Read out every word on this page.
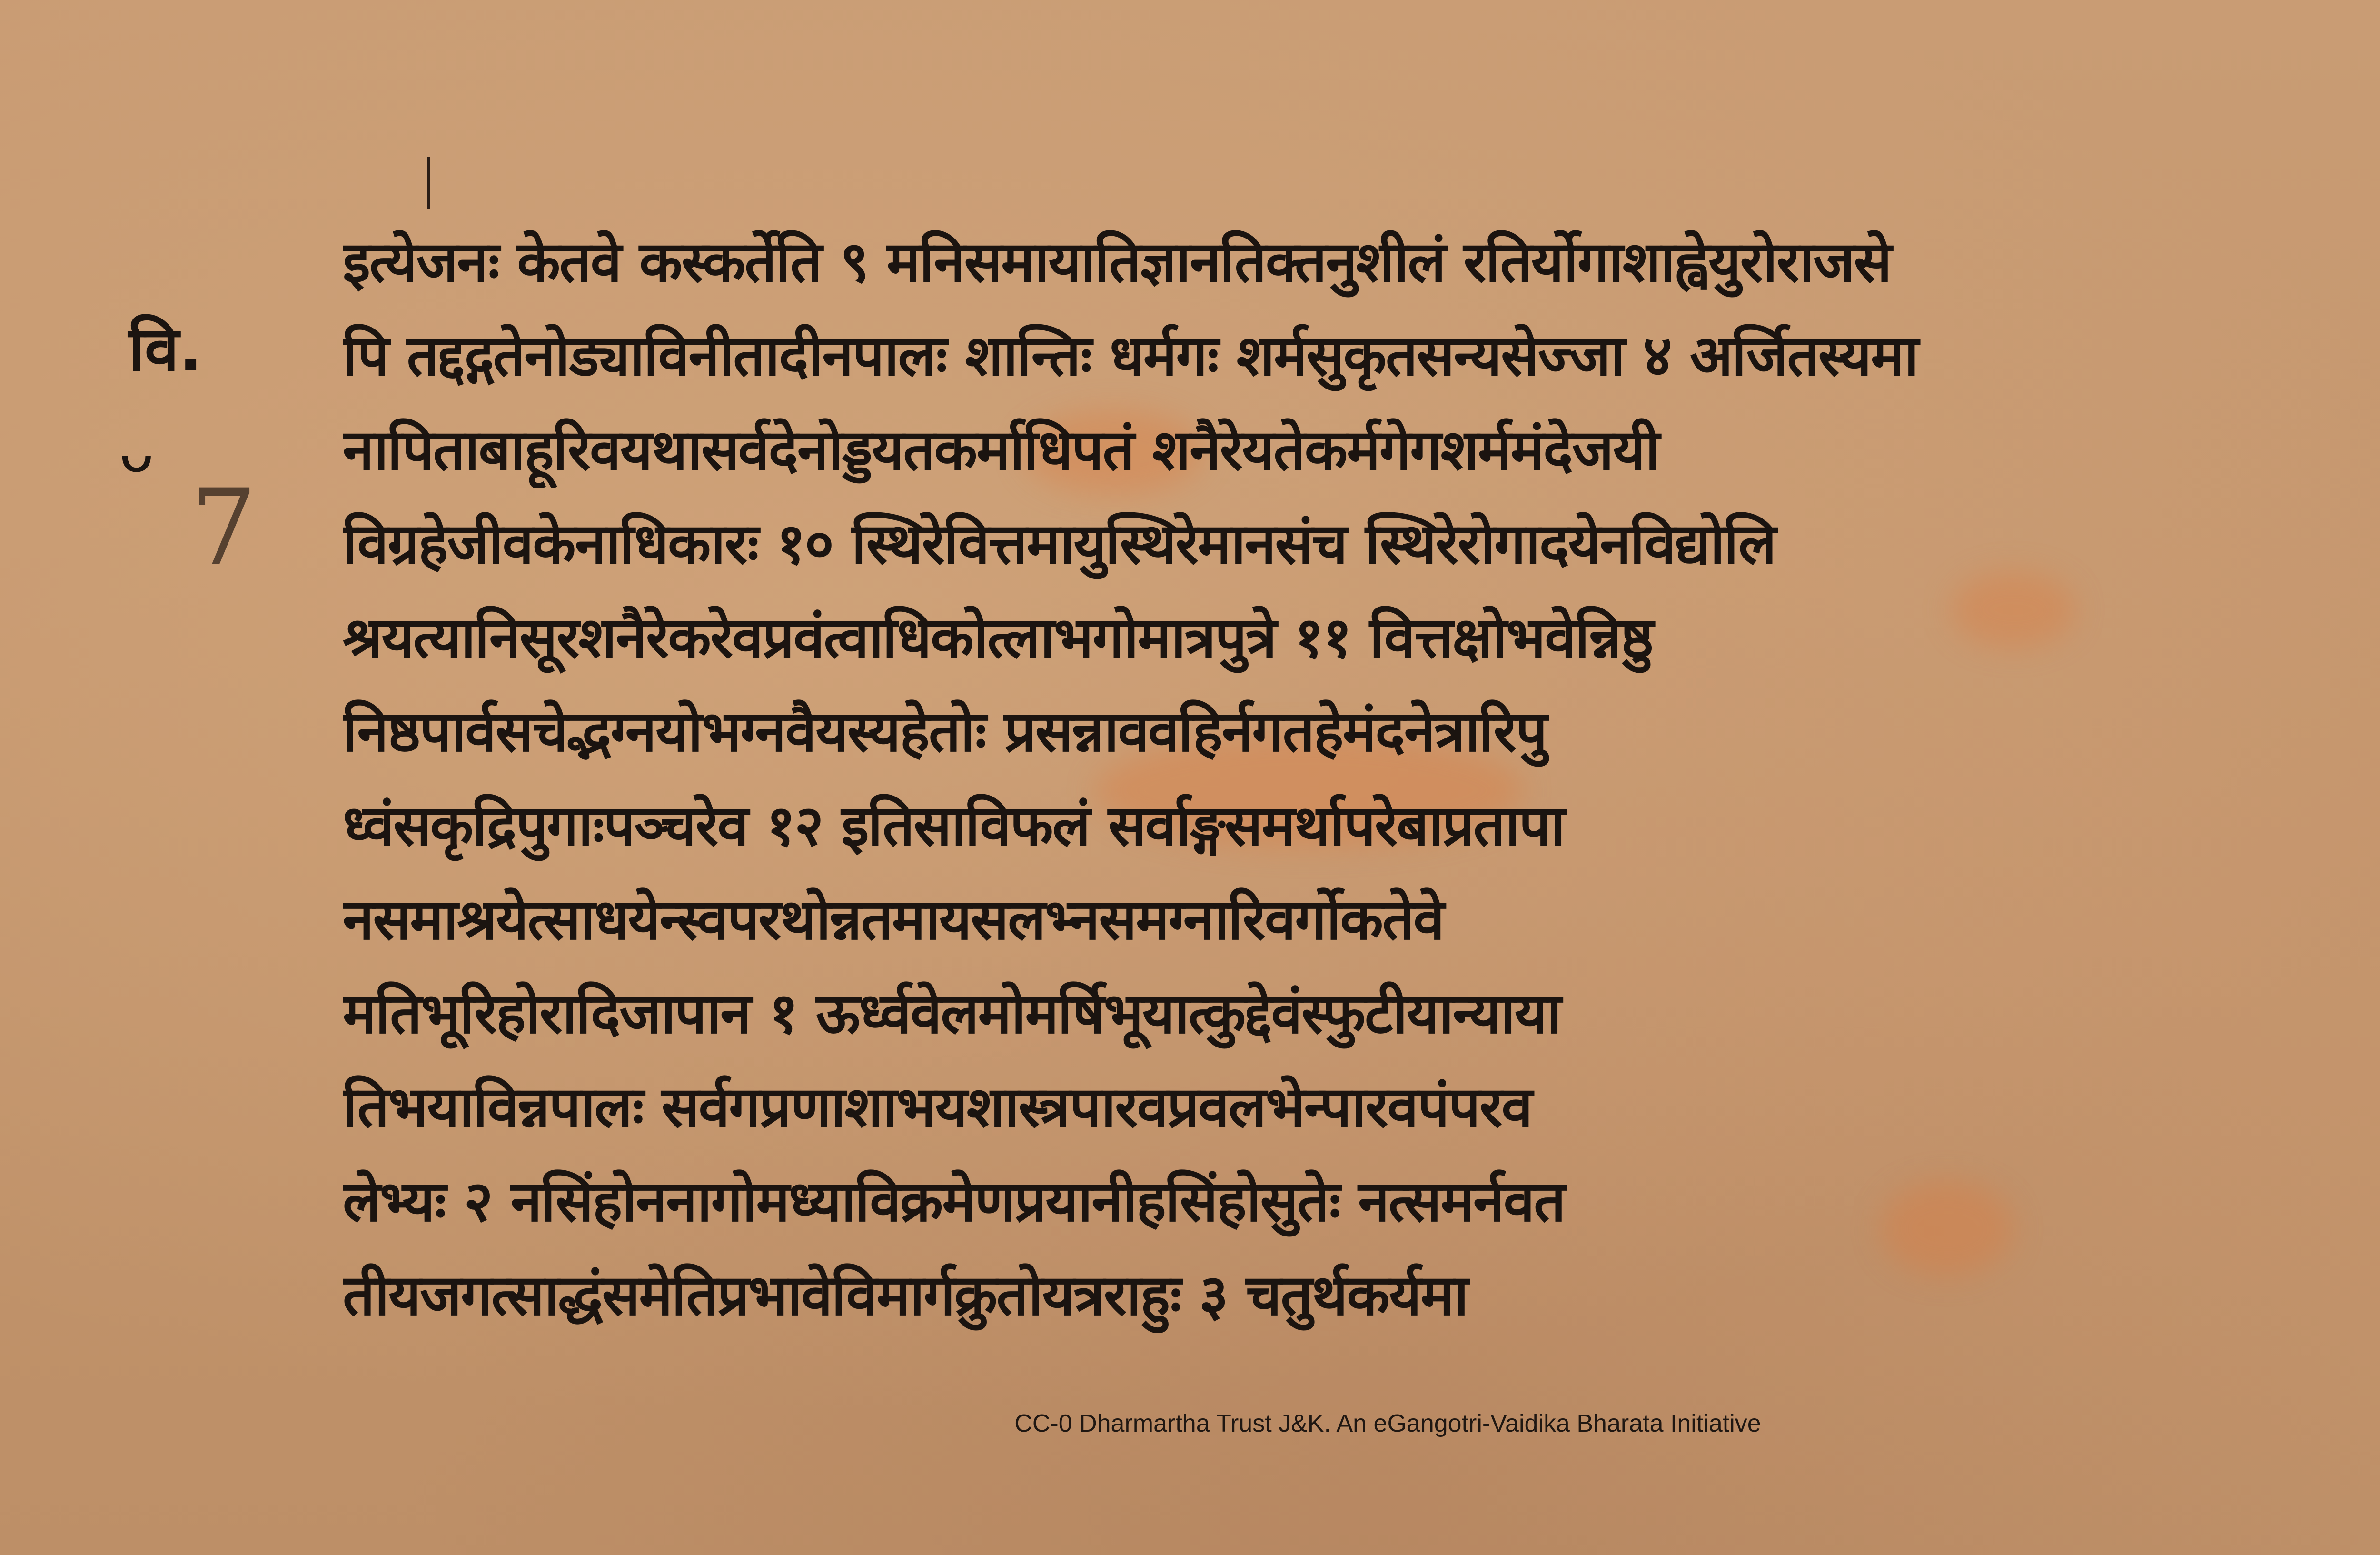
वि.
ᴗ
7
इत्येजनः केतवे कस्कर्तेति ९ मनिसमायातिज्ञानतिक्तनुशीलं रतिर्योगाशाह्वेयुरोराजसे
पि तद्दद्गतेनोड्याविनीतादीनपालः शान्तिः धर्मगः शर्मसुकृतसन्यसेज्जा ४ अर्जितस्यमा
नापिताबाहूरिवयथासर्वदेनोड्डयतकर्माधिपतं शनैरेयतेकर्मगेगशर्ममंदेजयी
विग्रहेजीवकेनाधिकारः १० स्थिरेवित्तमायुस्थिरेमानसंच स्थिरेरोगादयेनविद्योलि
श्रयत्यानिसूरशनैरेकरेवप्रवंत्वाधिकोत्लाभगोमात्रपुत्रे ११ वित्तक्षोभवेन्निष्ठु
निष्ठपार्वसचेद्भग्नयोभग्नवैयस्यहेतोः प्रसन्नाववहिर्नगतहेमंदनेत्रारिपु
ध्वंसकृद्रिपुगाःपञ्चरेव १२ इतिसाविफलं सर्वाङ्गसमर्थापरेबाप्रतापा
नसमाश्रयेत्साधयेन्स्वपरथोन्नतमायसलभ्नसमग्नारिवर्गोकतेवे
मतिभूरिहोरादिजापान १ ऊर्ध्ववेलमोमर्षिभूयात्कुद्देवंस्फुटीयान्याया
तिभयाविन्नपालः सर्वगप्रणाशाभयशास्त्रपारवप्रवलभेन्पारवपंपरव
लेभ्यः २ नसिंहोननागोमध्याविक्रमेणप्रयानीहसिंहोसुतेः नत्समर्नवत
तीयजगत्साद्धंसमेतिप्रभावेविमार्गक्रुतोयत्रराहुः ३ चतुर्थकर्यमा
CC-0 Dharmartha Trust J&K. An eGangotri-Vaidika Bharata Initiative
